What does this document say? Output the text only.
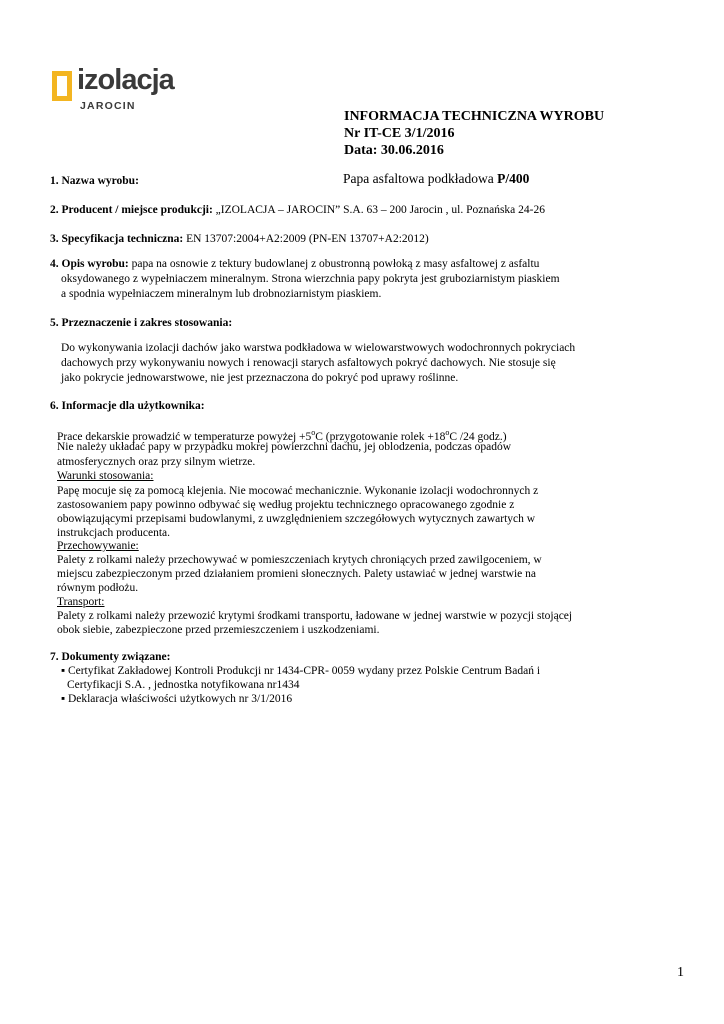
izolacja
JAROCIN
INFORMACJA TECHNICZNA WYROBU
Nr IT-CE 3/1/2016
Data: 30.06.2016
1. Nazwa wyrobu:	Papa asfaltowa podkładowa P/400
2. Producent / miejsce produkcji: „IZOLACJA – JAROCIN” S.A. 63 – 200 Jarocin , ul. Poznańska 24-26
3. Specyfikacja techniczna: EN 13707:2004+A2:2009 (PN-EN 13707+A2:2012)
4. Opis wyrobu: papa na osnowie z tektury budowlanej z obustronną powłoką z masy asfaltowej z asfaltu
oksydowanego z wypełniaczem mineralnym. Strona wierzchnia papy pokryta jest gruboziarnistym piaskiem
a spodnia wypełniaczem mineralnym lub drobnoziarnistym piaskiem.
5. Przeznaczenie i zakres stosowania:
Do wykonywania izolacji dachów jako warstwa podkładowa w wielowarstwowych wodochronnych pokryciach
dachowych przy wykonywaniu nowych i renowacji starych asfaltowych pokryć dachowych. Nie stosuje się
jako pokrycie jednowarstwowe, nie jest przeznaczona do pokryć pod uprawy roślinne.
6. Informacje dla użytkownika:
Prace dekarskie prowadzić w temperaturze powyżej $+5^oC$ (przygotowanie rolek $+18^oC$ /24 godz.)
Nie należy układać papy w przypadku mokrej powierzchni dachu, jej oblodzenia, podczas opadów
atmosferycznych oraz przy silnym wietrze.
Warunki stosowania:
Papę mocuje się za pomocą klejenia. Nie mocować mechanicznie. Wykonanie izolacji wodochronnych z
zastosowaniem papy powinno odbywać się według projektu technicznego opracowanego zgodnie z
obowiązującymi przepisami budowlanymi, z uwzględnieniem szczegółowych wytycznych zawartych w
instrukcjach producenta.
Przechowywanie:
Palety z rolkami należy przechowywać w pomieszczeniach krytych chroniących przed zawilgoceniem, w
miejscu zabezpieczonym przed działaniem promieni słonecznych. Palety ustawiać w jednej warstwie na
równym podłożu.
Transport:
Palety z rolkami należy przewozić krytymi środkami transportu, ładowane w jednej warstwie w pozycji stojącej
obok siebie, zabezpieczone przed przemieszczeniem i uszkodzeniami.
7. Dokumenty związane:
▪ Certyfikat Zakładowej Kontroli Produkcji nr 1434-CPR- 0059 wydany przez Polskie Centrum Badań i
Certyfikacji S.A. , jednostka notyfikowana nr1434
▪ Deklaracja właściwości użytkowych nr 3/1/2016
1
